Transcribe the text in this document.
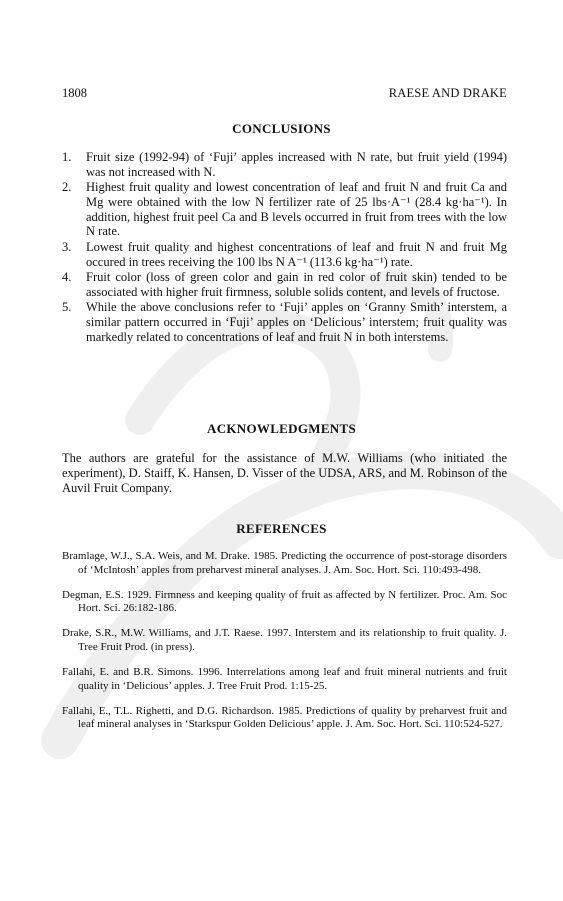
1808	RAESE AND DRAKE
CONCLUSIONS
1. Fruit size (1992-94) of ‘Fuji’ apples increased with N rate, but fruit yield (1994) was not increased with N.
2. Highest fruit quality and lowest concentration of leaf and fruit N and fruit Ca and Mg were obtained with the low N fertilizer rate of 25 lbs·A⁻¹ (28.4 kg·ha⁻¹). In addition, highest fruit peel Ca and B levels occurred in fruit from trees with the low N rate.
3. Lowest fruit quality and highest concentrations of leaf and fruit N and fruit Mg occured in trees receiving the 100 lbs N A⁻¹ (113.6 kg·ha⁻¹) rate.
4. Fruit color (loss of green color and gain in red color of fruit skin) tended to be associated with higher fruit firmness, soluble solids content, and levels of fructose.
5. While the above conclusions refer to ‘Fuji’ apples on ‘Granny Smith’ interstem, a similar pattern occurred in ‘Fuji’ apples on ‘Delicious’ interstem; fruit quality was markedly related to concentrations of leaf and fruit N in both interstems.
ACKNOWLEDGMENTS

The authors are grateful for the assistance of M.W. Williams (who initiated the experiment), D. Staiff, K. Hansen, D. Visser of the UDSA, ARS, and M. Robinson of the Auvil Fruit Company.

REFERENCES
Bramlage, W.J., S.A. Weis, and M. Drake. 1985. Predicting the occurrence of post-storage disorders of ‘McIntosh’ apples from preharvest mineral analyses. J. Am. Soc. Hort. Sci. 110:493-498.
Degman, E.S. 1929. Firmness and keeping quality of fruit as affected by N fertilizer. Proc. Am. Soc Hort. Sci. 26:182-186.
Drake, S.R., M.W. Williams, and J.T. Raese. 1997. Interstem and its relationship to fruit quality. J. Tree Fruit Prod. (in press).
Fallahi, E. and B.R. Simons. 1996. Interrelations among leaf and fruit mineral nutrients and fruit quality in ‘Delicious’ apples. J. Tree Fruit Prod. 1:15-25.
Fallahi, E., T.L. Righetti, and D.G. Richardson. 1985. Predictions of quality by preharvest fruit and leaf mineral analyses in ‘Starkspur Golden Delicious’ apple. J. Am. Soc. Hort. Sci. 110:524-527.
